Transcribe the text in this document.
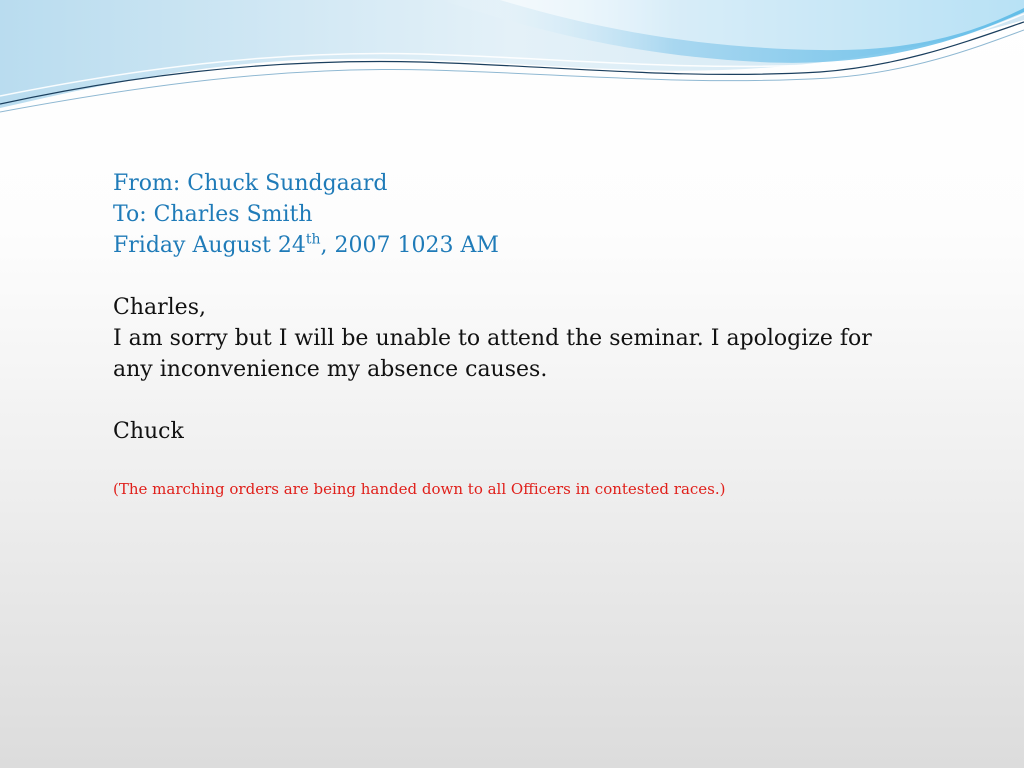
From: Chuck Sundgaard

To: Charles Smith

Friday August 24th, 2007 1023 AM

Charles,

I am sorry but I will be unable to attend the seminar. I apologize for any inconvenience my absence causes.

Chuck

(The marching orders are being handed down to all Officers in contested races.)
